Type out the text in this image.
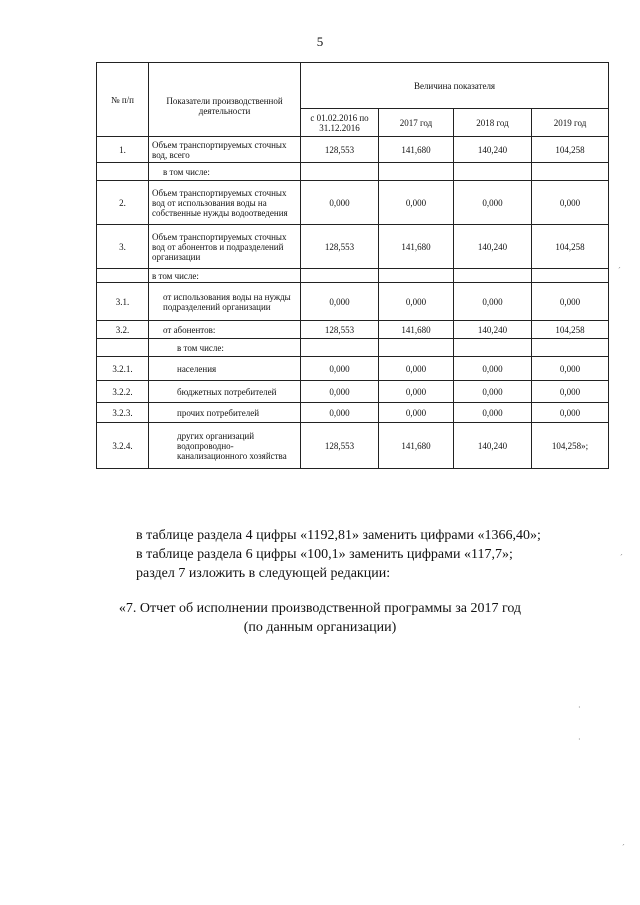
5
№ п/п	Показатели производственной деятельности	Величина показателя			
		с 01.02.2016 по 31.12.2016	2017 год	2018 год	2019 год
1.	Объем транспортируемых сточных вод, всего	128,553	141,680	140,240	104,258
	в том числе:				
2.	Объем транспортируемых сточных вод от использования воды на собственные нужды водоотведения	0,000	0,000	0,000	0,000
3.	Объем транспортируемых сточных вод от абонентов и подразделений организации	128,553	141,680	140,240	104,258
	в том числе:				
3.1.	от использования воды на нужды подразделений организации	0,000	0,000	0,000	0,000
3.2.	от абонентов:	128,553	141,680	140,240	104,258
	в том числе:				
3.2.1.	населения	0,000	0,000	0,000	0,000
3.2.2.	бюджетных потребителей	0,000	0,000	0,000	0,000
3.2.3.	прочих потребителей	0,000	0,000	0,000	0,000
3.2.4.	других организаций водопроводно-канализационного хозяйства	128,553	141,680	140,240	104,258»;
в таблице раздела 4 цифры «1192,81» заменить цифрами «1366,40»;
в таблице раздела 6 цифры «100,1» заменить цифрами «117,7»;
раздел 7 изложить в следующей редакции:
«7. Отчет об исполнении производственной программы за 2017 год
(по данным организации)
ˊ
ˊ
·
·
ˊ
